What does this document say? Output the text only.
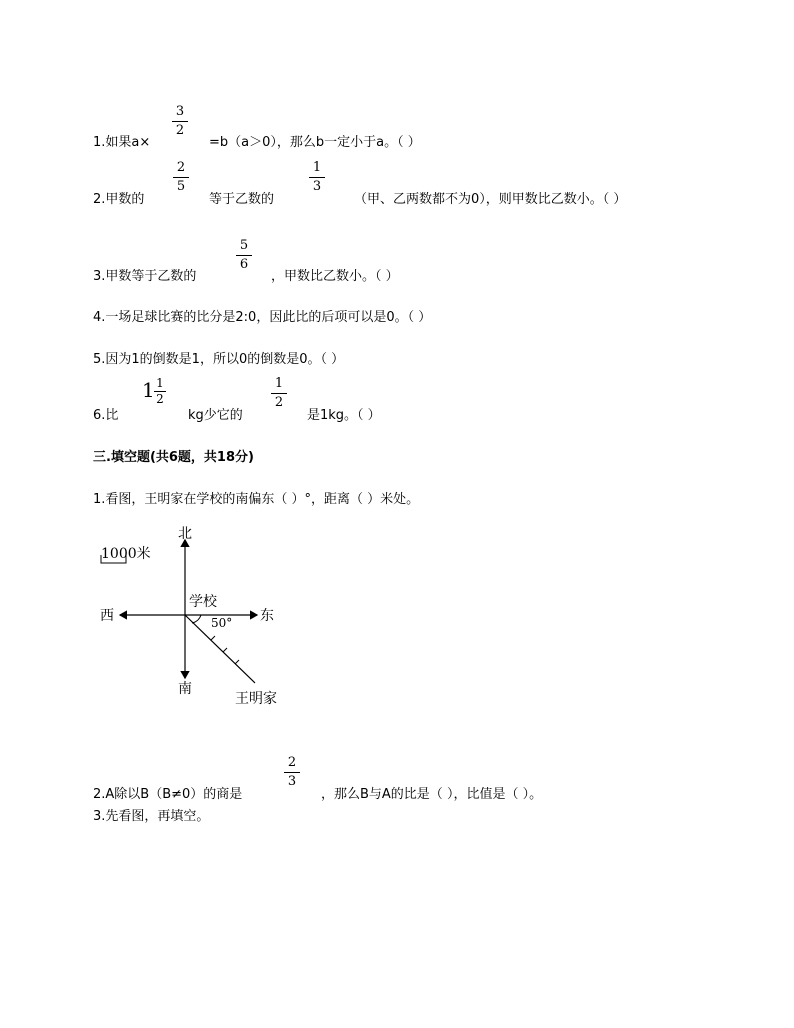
1.如果a×
3
2
=b（a＞0），那么b一定小于a。（ ）
2.甲数的
2
5
等于乙数的
1
3
（甲、乙两数都不为0），则甲数比乙数小。（ ）
3.甲数等于乙数的
5
6
，甲数比乙数小。（ ）
4.一场足球比赛的比分是2:0，因此比的后项可以是0。（ ）
5.因为1的倒数是1，所以0的倒数是0。（ ）
6.比
1 1
2
kg少它的
1
2
是1kg。（ ）
三.填空题(共6题，共18分)
1.看图，王明家在学校的南偏东（ ）°，距离（ ）米处。
1000米
北
南
东
西
学校
50°
王明家
2.A除以B（B≠0）的商是
2
3
，那么B与A的比是（ ），比值是（ ）。
3.先看图，再填空。
